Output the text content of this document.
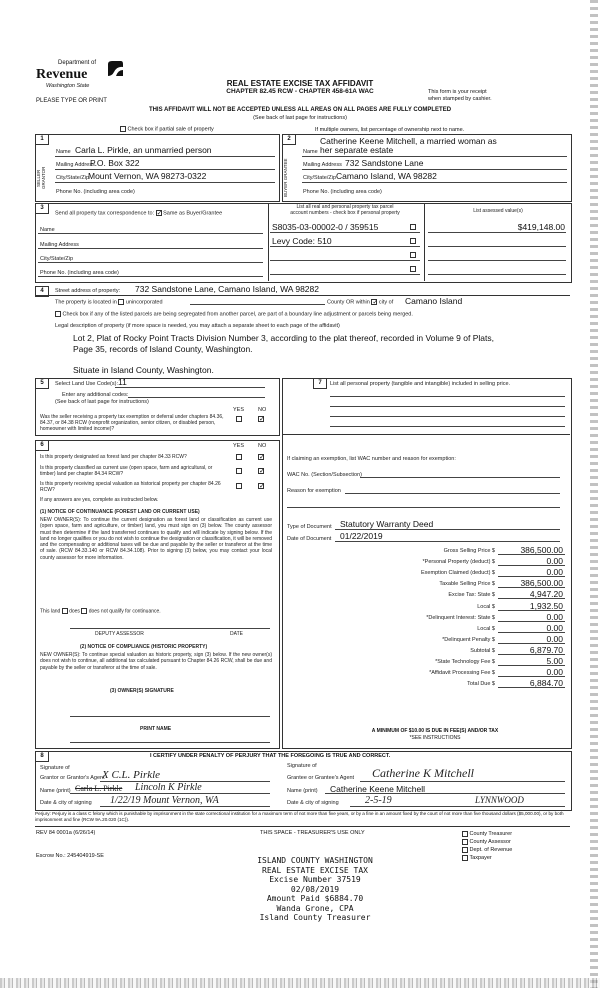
Department of
Revenue
Washington State
PLEASE TYPE OR PRINT
REAL ESTATE EXCISE TAX AFFIDAVIT
CHAPTER 82.45 RCW - CHAPTER 458-61A WAC	This form is your receipt
when stamped by cashier.
THIS AFFIDAVIT WILL NOT BE ACCEPTED UNLESS ALL AREAS ON ALL PAGES ARE FULLY COMPLETED
(See back of last page for instructions)
Check box if partial sale of property	If multiple owners, list percentage of ownership next to name.
1	2
SELLER GRANTOR	BUYER GRANTEE
Name Carla L. Pirkle, an unmarried person
Mailing Address
P.O. Box 322
City/State/Zip
Mount Vernon, WA 98273-0322
Phone No. (including area code)
Catherine Keene Mitchell, a married woman as
Name her separate estate
Mailing Address 732 Sandstone Lane
City/State/Zip Camano Island, WA 98282
Phone No. (including area code)
3
Send all property tax correspondence to: ✓ Same as Buyer/Grantee
List all real and personal property tax parcel
account numbers - check box if personal property	List assessed value(s)
Name
Mailing Address
City/State/Zip
Phone No. (including area code)
S8035-03-00002-0 / 359515
Levy Code: 510
$419,148.00
4	Street address of property: 732 Sandstone Lane, Camano Island, WA 98282
The property is located in unincorporated	County OR within ✓ city of Camano Island
Check box if any of the listed parcels are being segregated from another parcel, are part of a boundary line adjustment or parcels being merged.
Legal description of property (if more space is needed, you may attach a separate sheet to each page of the affidavit)
Lot 2, Plat of Rocky Point Tracts Division Number 3, according to the plat thereof, recorded in Volume 9 of Plats,
Page 35, records of Island County, Washington.
Situate in Island County, Washington.
5	Select Land Use Code(s): 11
Enter any additional codes:
(See back of last page for instructions)
YES	NO
Was the seller receiving a property tax exemption or deferral under chapters 84.36, 84.37, or 84.38 RCW (nonprofit organization, senior citizen, or disabled person, homeowner with limited income)?
✓
6	YES	NO
Is this property designated as forest land per chapter 84.33 RCW?
✓
Is this property classified as current use (open space, farm and agricultural, or timber) land per chapter 84.34 RCW?
✓
Is this property receiving special valuation as historical property per chapter 84.26 RCW?
✓
If any answers are yes, complete as instructed below.
(1) NOTICE OF CONTINUANCE (FOREST LAND OR CURRENT USE)
NEW OWNER(S): To continue the current designation as forest land or classification as current use (open space, farm and agriculture, or timber) land, you must sign on (3) below. The county assessor must then determine if the land transferred continues to qualify and will indicate by signing below. If the land no longer qualifies or you do not wish to continue the designation or classification, it will be removed and the compensating or additional taxes will be due and payable by the seller or transferor at the time of sale. (RCW 84.33.140 or RCW 84.34.108). Prior to signing (3) below, you may contact your local county assessor for more information.
This land does does not qualify for continuance.
DEPUTY ASSESSOR	DATE
(2) NOTICE OF COMPLIANCE (HISTORIC PROPERTY)
NEW OWNER(S): To continue special valuation as historic property, sign (3) below. If the new owner(s) does not wish to continue, all additional tax calculated pursuant to Chapter 84.26 RCW, shall be due and payable by the seller or transferor at the time of sale.
(3) OWNER(S) SIGNATURE
PRINT NAME
7	List all personal property (tangible and intangible) included in selling price.
If claiming an exemption, list WAC number and reason for exemption:
WAC No. (Section/Subsection)
Reason for exemption
Type of Document Statutory Warranty Deed
Date of Document 01/22/2019
Gross Selling Price $	386,500.00
*Personal Property (deduct) $	0.00
Exemption Claimed (deduct) $	0.00
Taxable Selling Price $	386,500.00
Excise Tax: State $	4,947.20
Local $	1,932.50
*Delinquent Interest: State $	0.00
Local $	0.00
*Delinquent Penalty $	0.00
Subtotal $	6,879.70
*State Technology Fee $	5.00
*Affidavit Processing Fee $	0.00
Total Due $	6,884.70
A MINIMUM OF $10.00 IS DUE IN FEE(S) AND/OR TAX
*SEE INSTRUCTIONS
8	I CERTIFY UNDER PENALTY OF PERJURY THAT THE FOREGOING IS TRUE AND CORRECT.
Signature of
Grantor or Grantor's Agent
X C.L. Pirkle
Name (print) Carla L. Pirkle Lincoln K Pirkle
Date & city of signing 1/22/19 Mount Vernon, WA
Signature of
Grantee or Grantee's Agent Catherine K Mitchell
Name (print) Catherine Keene Mitchell
Date & city of signing	2-5-19	LYNNWOOD
Perjury: Perjury is a class C felony which is punishable by imprisonment in the state correctional institution for a maximum term of not more than five years, or by a fine in an amount fixed by the court of not more than five thousand dollars ($5,000.00), or by both imprisonment and fine (RCW 9A.20.020 (1C)).
REV 84 0001a (6/26/14)	THIS SPACE - TREASURER'S USE ONLY
Escrow No.: 245404919-SE
County Treasurer
County Assessor
Dept. of Revenue
Taxpayer
ISLAND COUNTY WASHINGTON
REAL ESTATE EXCISE TAX
Excise Number 37519
02/08/2019
Amount Paid $6884.70
Wanda Grone, CPA
Island County Treasurer
